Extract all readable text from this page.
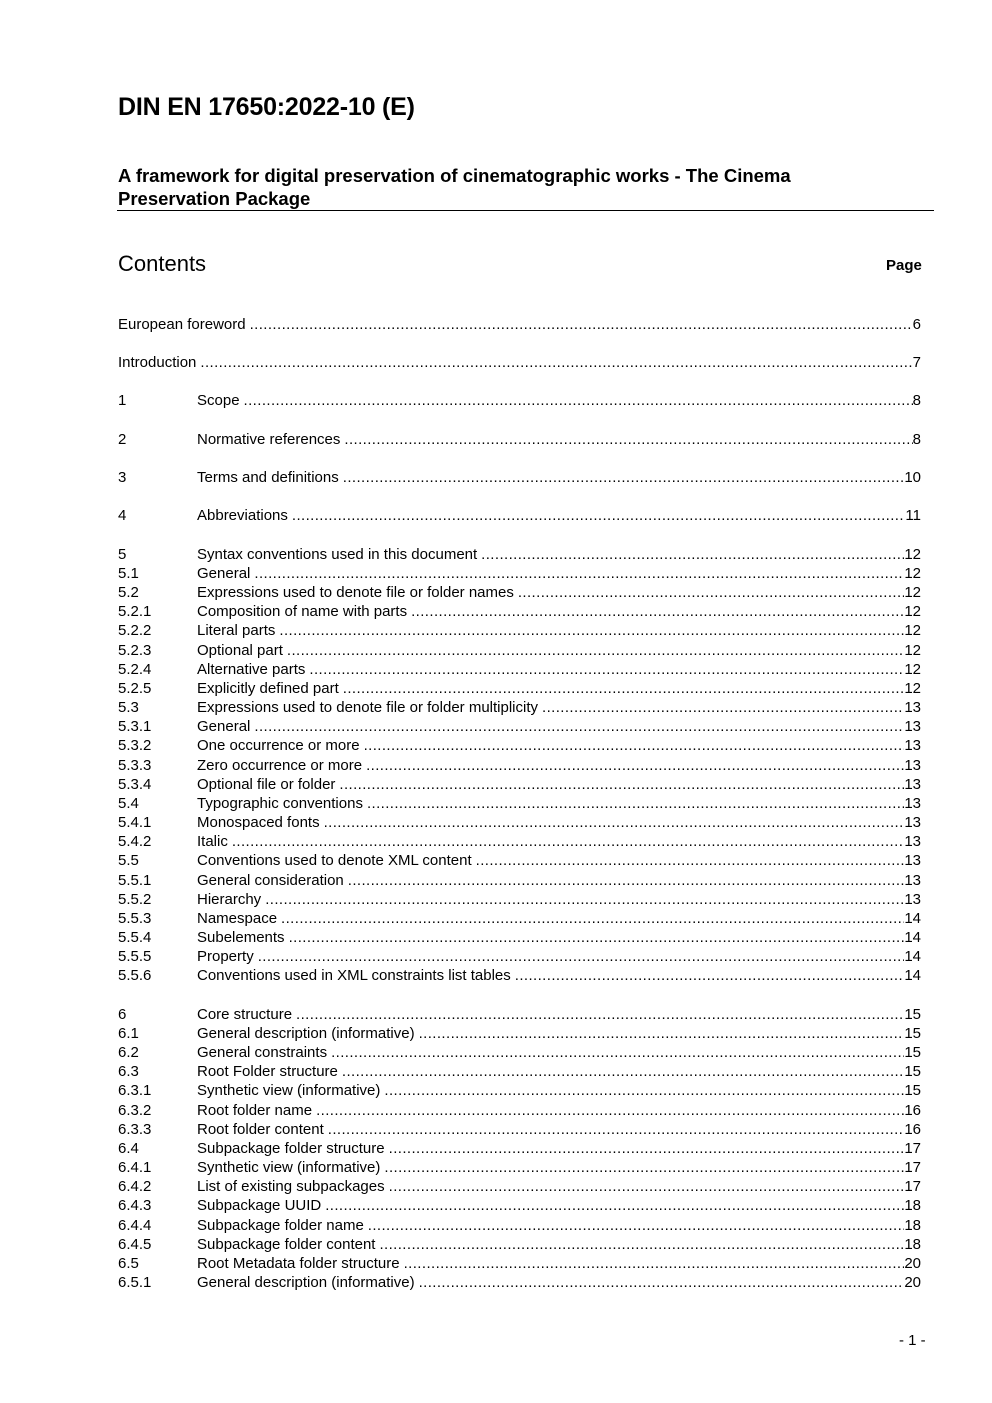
DIN EN 17650:2022-10 (E)
A framework for digital preservation of cinematographic works - The Cinema Preservation Package
Contents	Page
European foreword .....	6
Introduction .....	7
1	Scope .....	8
2	Normative references .....	8
3	Terms and definitions .....	10
4	Abbreviations .....	11
5	Syntax conventions used in this document .....	12
5.1	General .....	12
5.2	Expressions used to denote file or folder names .....	12
5.2.1	Composition of name with parts .....	12
5.2.2	Literal parts .....	12
5.2.3	Optional part .....	12
5.2.4	Alternative parts .....	12
5.2.5	Explicitly defined part .....	12
5.3	Expressions used to denote file or folder multiplicity .....	13
5.3.1	General .....	13
5.3.2	One occurrence or more .....	13
5.3.3	Zero occurrence or more .....	13
5.3.4	Optional file or folder .....	13
5.4	Typographic conventions .....	13
5.4.1	Monospaced fonts .....	13
5.4.2	Italic .....	13
5.5	Conventions used to denote XML content .....	13
5.5.1	General consideration .....	13
5.5.2	Hierarchy .....	13
5.5.3	Namespace .....	14
5.5.4	Subelements .....	14
5.5.5	Property .....	14
5.5.6	Conventions used in XML constraints list tables .....	14
6	Core structure .....	15
6.1	General description (informative) .....	15
6.2	General constraints .....	15
6.3	Root Folder structure .....	15
6.3.1	Synthetic view (informative) .....	15
6.3.2	Root folder name .....	16
6.3.3	Root folder content .....	16
6.4	Subpackage folder structure .....	17
6.4.1	Synthetic view (informative) .....	17
6.4.2	List of existing subpackages .....	17
6.4.3	Subpackage UUID .....	18
6.4.4	Subpackage folder name .....	18
6.4.5	Subpackage folder content .....	18
6.5	Root Metadata folder structure .....	20
6.5.1	General description (informative) .....	20
- 1 -
